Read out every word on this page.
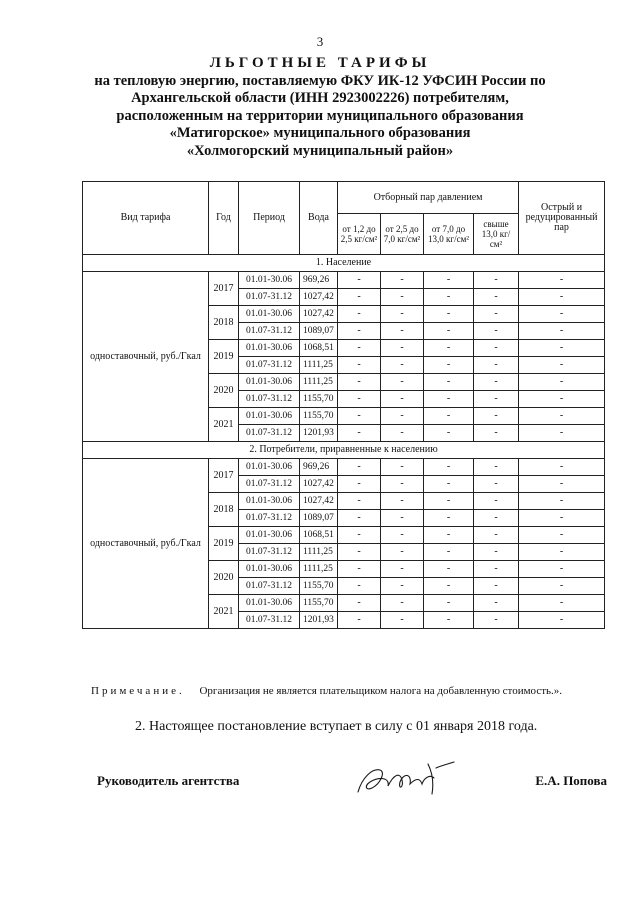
3
ЛЬГОТНЫЕ ТАРИФЫ
на тепловую энергию, поставляемую ФКУ ИК-12 УФСИН России по
Архангельской области (ИНН 2923002226) потребителям,
расположенным на территории муниципального образования
«Матигорское» муниципального образования
«Холмогорский муниципальный район»
Вид тарифа	Год	Период	Вода	Отборный пар давлением				Острый и редуцированный пар
				от 1,2 до 2,5 кг/см²	от 2,5 до 7,0 кг/см²	от 7,0 до 13,0 кг/см²	свыше 13,0 кг/см²	
1. Население								
одноставочный, руб./Гкал	2017	01.01-30.06	969,26	-	-	-	-	-
		01.07-31.12	1027,42	-	-	-	-	-
	2018	01.01-30.06	1027,42	-	-	-	-	-
		01.07-31.12	1089,07	-	-	-	-	-
	2019	01.01-30.06	1068,51	-	-	-	-	-
		01.07-31.12	1111,25	-	-	-	-	-
	2020	01.01-30.06	1111,25	-	-	-	-	-
		01.07-31.12	1155,70	-	-	-	-	-
	2021	01.01-30.06	1155,70	-	-	-	-	-
		01.07-31.12	1201,93	-	-	-	-	-
2. Потребители, приравненные к населению								
одноставочный, руб./Гкал	2017	01.01-30.06	969,26	-	-	-	-	-
		01.07-31.12	1027,42	-	-	-	-	-
	2018	01.01-30.06	1027,42	-	-	-	-	-
		01.07-31.12	1089,07	-	-	-	-	-
	2019	01.01-30.06	1068,51	-	-	-	-	-
		01.07-31.12	1111,25	-	-	-	-	-
	2020	01.01-30.06	1111,25	-	-	-	-	-
		01.07-31.12	1155,70	-	-	-	-	-
	2021	01.01-30.06	1155,70	-	-	-	-	-
		01.07-31.12	1201,93	-	-	-	-	-
Примечание. Организация не является плательщиком налога на добавленную стоимость.».
2. Настоящее постановление вступает в силу с 01 января 2018 года.
Руководитель агентства	Е.А. Попова
